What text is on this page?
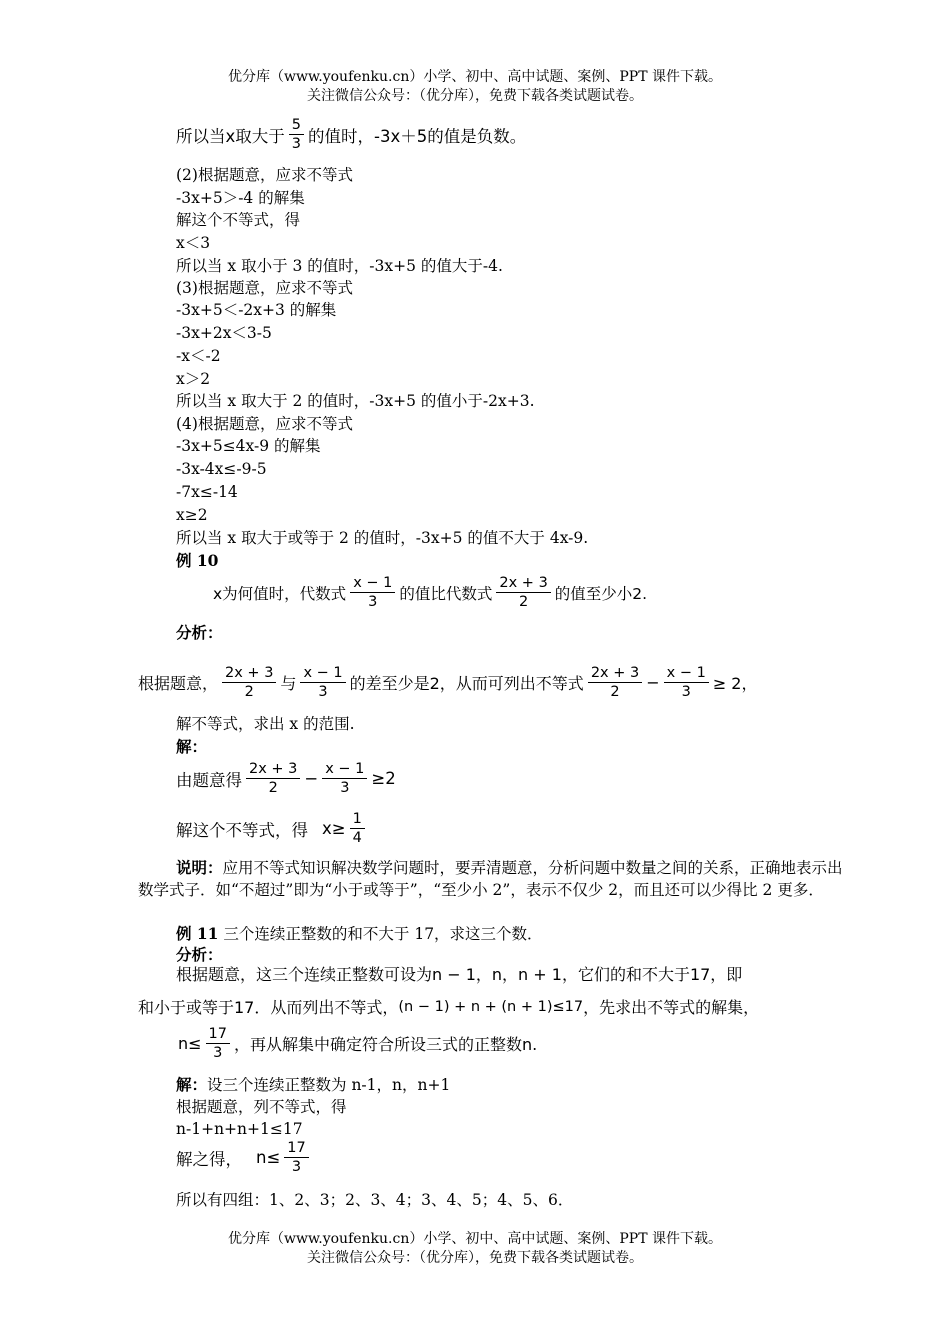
优分库（www.youfenku.cn）小学、初中、高中试题、案例、PPT 课件下载。
关注微信公众号：（优分库），免费下载各类试题试卷。
所以当x取大于 $\frac{5}{3}$ 的值时，-3x＋5的值是负数。
(2)根据题意，应求不等式
-3x+5＞-4 的解集
解这个不等式，得
x＜3
所以当 x 取小于 3 的值时，-3x+5 的值大于-4.
(3)根据题意，应求不等式
-3x+5＜-2x+3 的解集
-3x+2x＜3-5
-x＜-2
x＞2
所以当 x 取大于 2 的值时，-3x+5 的值小于-2x+3.
(4)根据题意，应求不等式
-3x+5≤4x-9 的解集
-3x-4x≤-9-5
-7x≤-14
x≥2
所以当 x 取大于或等于 2 的值时，-3x+5 的值不大于 4x-9.
例 10
x为何值时，代数式 $\frac{x - 1}{3}$ 的值比代数式 $\frac{2x + 3}{2}$ 的值至少小2.
分析：
根据题意， $\frac{2x + 3}{2}$ 与 $\frac{x - 1}{3}$ 的差至少是2，从而可列出不等式 $\frac{2x + 3}{2} - \frac{x - 1}{3} \ge 2$，
解不等式，求出 x 的范围.
解：
由题意得 $\frac{2x + 3}{2} - \frac{x - 1}{3} \ge 2$
解这个不等式，得 $x\ge \frac{1}{4}$
说明：应用不等式知识解决数学问题时，要弄清题意，分析问题中数量之间的关系，正确地表示出数学式子．如“不超过”即为“小于或等于”，“至少小 2”，表示不仅少 2，而且还可以少得比 2 更多．
例 11 三个连续正整数的和不大于 17，求这三个数．
分析：
根据题意，这三个连续正整数可设为n − 1，n，n + 1，它们的和不大于17，即
和小于或等于17．从而列出不等式， (n − 1) + n + (n + 1)≤17 ，先求出不等式的解集，
$n\le \frac{17}{3}$ ，再从解集中确定符合所设三式的正整数n.
解：设三个连续正整数为 n-1，n，n+1
根据题意，列不等式，得
n-1+n+n+1≤17
解之得， $n\le \frac{17}{3}$
所以有四组：1、2、3；2、3、4；3、4、5；4、5、6．
优分库（www.youfenku.cn）小学、初中、高中试题、案例、PPT 课件下载。
关注微信公众号：（优分库），免费下载各类试题试卷。
